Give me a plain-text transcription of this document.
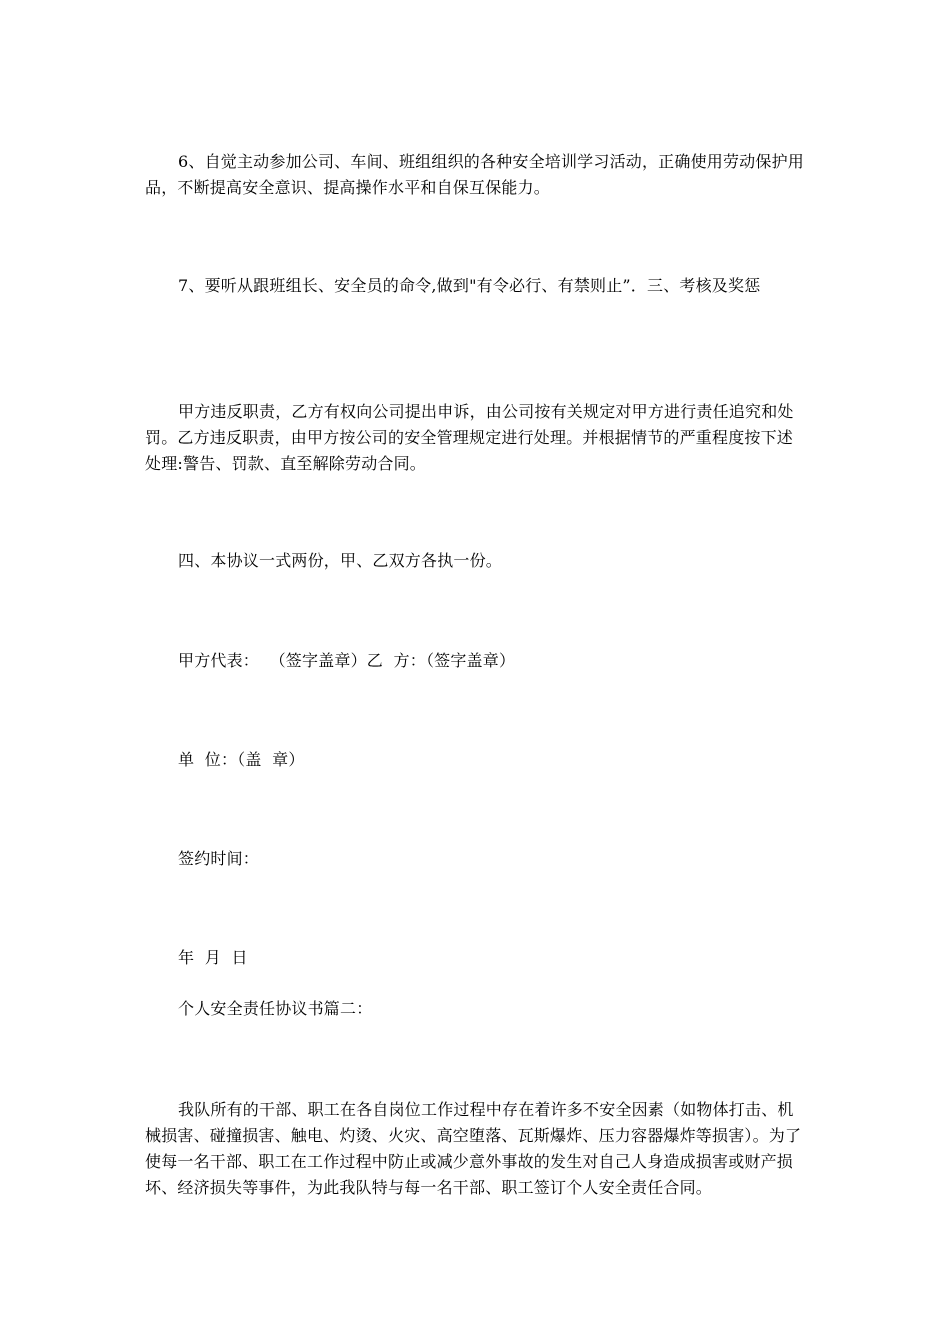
6、自觉主动参加公司、车间、班组组织的各种安全培训学习活动，正确使用劳动保护用品，不断提高安全意识、提高操作水平和自保互保能力。

7、要听从跟班组长、安全员的命令,做到"有令必行、有禁则止”．三、考核及奖惩

甲方违反职责，乙方有权向公司提出申诉，由公司按有关规定对甲方进行责任追究和处罚。乙方违反职责，由甲方按公司的安全管理规定进行处理。并根据情节的严重程度按下述处理:警告、罚款、直至解除劳动合同。

四、本协议一式两份，甲、乙双方各执一份。

甲方代表：  （签字盖章）乙  方：（签字盖章）

单  位：（盖  章）

签约时间：

年  月  日

个人安全责任协议书篇二：

我队所有的干部、职工在各自岗位工作过程中存在着许多不安全因素（如物体打击、机械损害、碰撞损害、触电、灼烫、火灾、高空堕落、瓦斯爆炸、压力容器爆炸等损害）。为了使每一名干部、职工在工作过程中防止或减少意外事故的发生对自己人身造成损害或财产损坏、经济损失等事件，为此我队特与每一名干部、职工签订个人安全责任合同。
